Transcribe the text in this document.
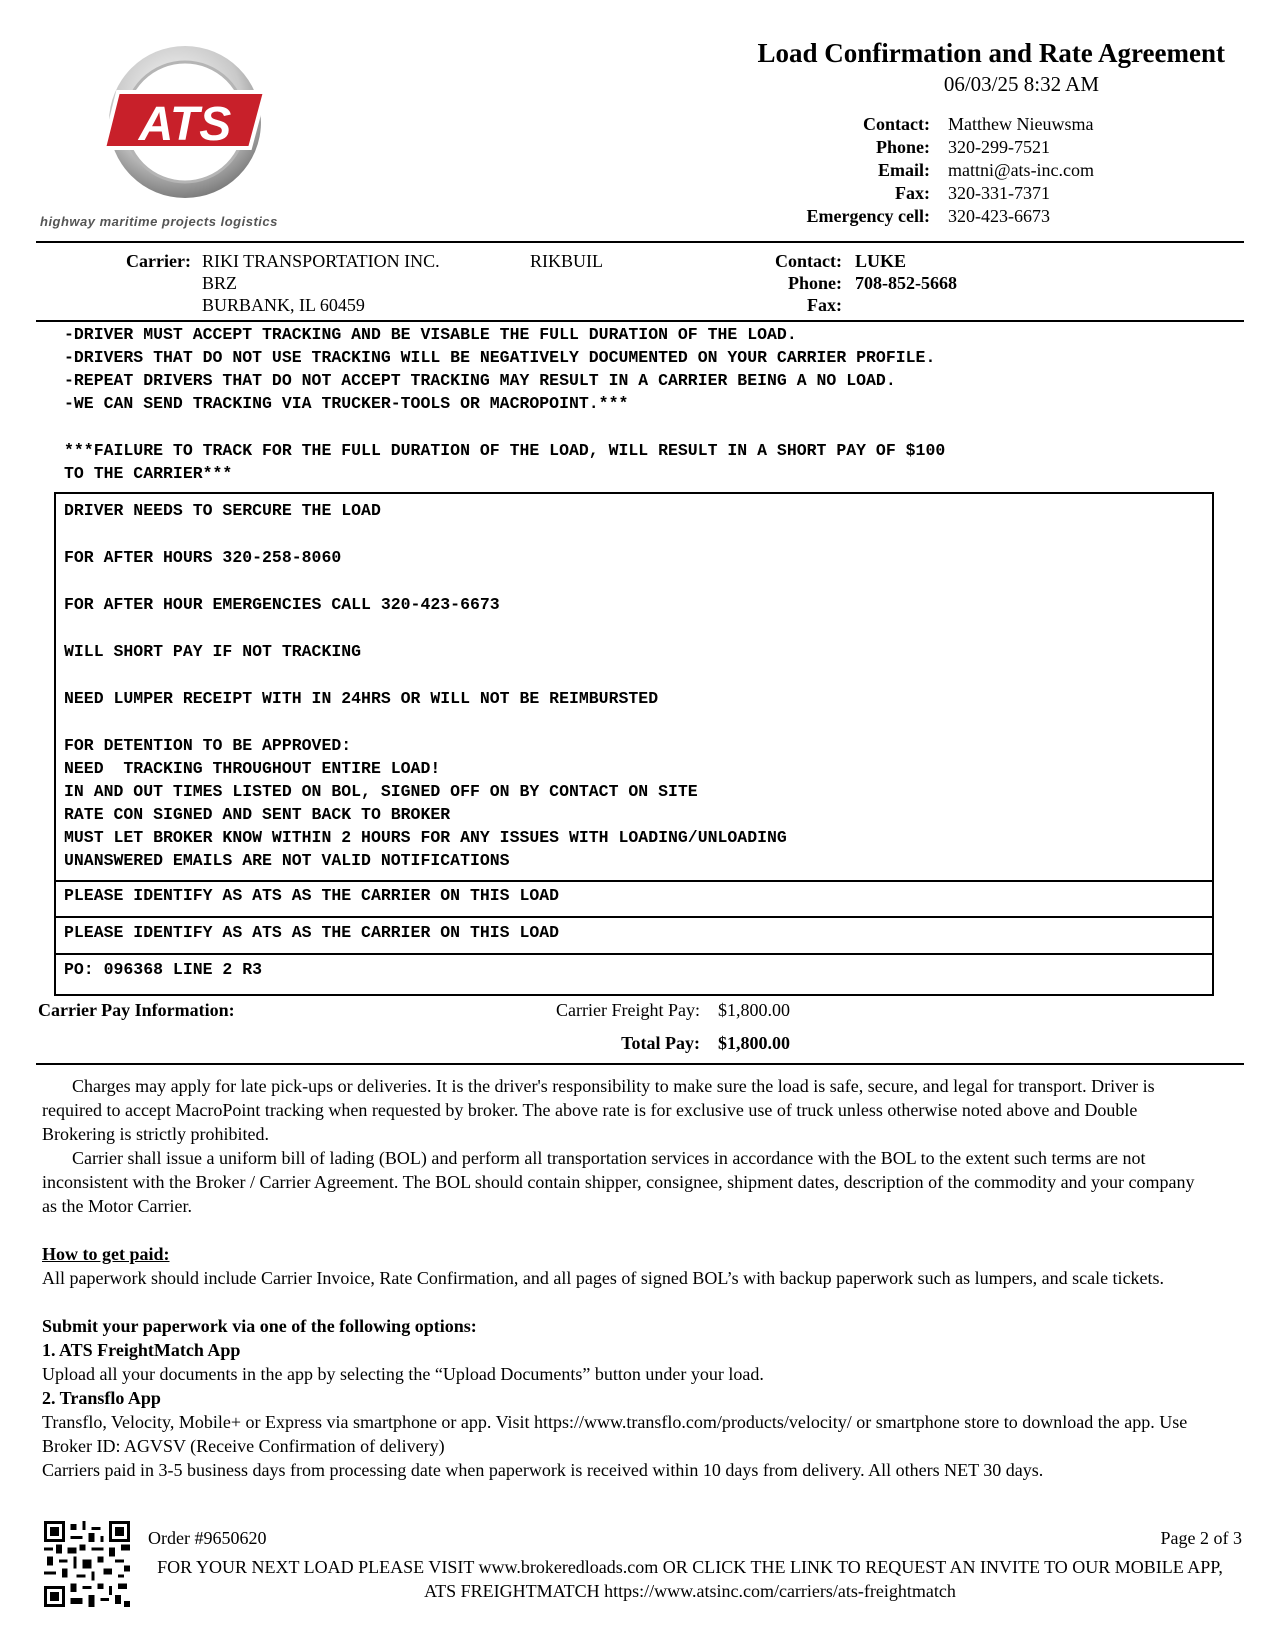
ATS
highway maritime projects logistics
Load Confirmation and Rate Agreement
06/03/25 8:32 AM
Contact: Matthew Nieuwsma
Phone: 320-299-7521
Email: mattni@ats-inc.com
Fax: 320-331-7371
Emergency cell: 320-423-6673
Carrier: RIKI TRANSPORTATION INC.	RIKBUIL
BRZ
BURBANK, IL 60459
Contact: LUKE
Phone: 708-852-5668
Fax:
-DRIVER MUST ACCEPT TRACKING AND BE VISABLE THE FULL DURATION OF THE LOAD.
-DRIVERS THAT DO NOT USE TRACKING WILL BE NEGATIVELY DOCUMENTED ON YOUR CARRIER PROFILE.
-REPEAT DRIVERS THAT DO NOT ACCEPT TRACKING MAY RESULT IN A CARRIER BEING A NO LOAD.
-WE CAN SEND TRACKING VIA TRUCKER-TOOLS OR MACROPOINT.***
***FAILURE TO TRACK FOR THE FULL DURATION OF THE LOAD, WILL RESULT IN A SHORT PAY OF $100
TO THE CARRIER***
DRIVER NEEDS TO SERCURE THE LOAD
FOR AFTER HOURS 320-258-8060
FOR AFTER HOUR EMERGENCIES CALL 320-423-6673
WILL SHORT PAY IF NOT TRACKING
NEED LUMPER RECEIPT WITH IN 24HRS OR WILL NOT BE REIMBURSTED
FOR DETENTION TO BE APPROVED:
NEED  TRACKING THROUGHOUT ENTIRE LOAD!
IN AND OUT TIMES LISTED ON BOL, SIGNED OFF ON BY CONTACT ON SITE
RATE CON SIGNED AND SENT BACK TO BROKER
MUST LET BROKER KNOW WITHIN 2 HOURS FOR ANY ISSUES WITH LOADING/UNLOADING
UNANSWERED EMAILS ARE NOT VALID NOTIFICATIONS
PLEASE IDENTIFY AS ATS AS THE CARRIER ON THIS LOAD
PLEASE IDENTIFY AS ATS AS THE CARRIER ON THIS LOAD
PO: 096368 LINE 2 R3
Carrier Pay Information:	Carrier Freight Pay: $1,800.00
Total Pay: $1,800.00
Charges may apply for late pick-ups or deliveries. It is the driver's responsibility to make sure the load is safe, secure, and legal for transport. Driver is required to accept MacroPoint tracking when requested by broker. The above rate is for exclusive use of truck unless otherwise noted above and Double Brokering is strictly prohibited.
Carrier shall issue a uniform bill of lading (BOL) and perform all transportation services in accordance with the BOL to the extent such terms are not inconsistent with the Broker / Carrier Agreement. The BOL should contain shipper, consignee, shipment dates, description of the commodity and your company as the Motor Carrier.
How to get paid:
All paperwork should include Carrier Invoice, Rate Confirmation, and all pages of signed BOL’s with backup paperwork such as lumpers, and scale tickets.
Submit your paperwork via one of the following options:
1. ATS FreightMatch App
Upload all your documents in the app by selecting the “Upload Documents” button under your load.
2. Transflo App
Transflo, Velocity, Mobile+ or Express via smartphone or app. Visit https://www.transflo.com/products/velocity/ or smartphone store to download the app. Use Broker ID: AGVSV (Receive Confirmation of delivery)
Carriers paid in 3-5 business days from processing date when paperwork is received within 10 days from delivery. All others NET 30 days.
Order #9650620	Page 2 of 3
FOR YOUR NEXT LOAD PLEASE VISIT www.brokeredloads.com OR CLICK THE LINK TO REQUEST AN INVITE TO OUR MOBILE APP, ATS FREIGHTMATCH https://www.atsinc.com/carriers/ats-freightmatch
